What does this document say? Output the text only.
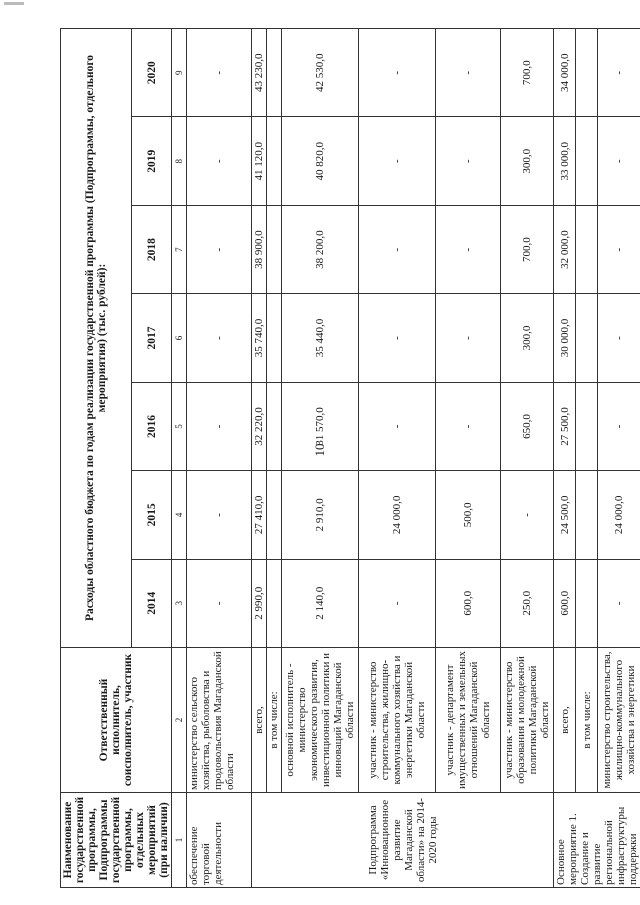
10
Наименование государственной программы, Подпрограммы государственной программы, отдельных мероприятий (при наличии)	Ответственный исполнитель, соисполнитель, участник	Расходы областного бюджета по годам реализации государственной программы (Подпрограммы, отдельного мероприятия) (тыс. рублей):						
		2014	2015	2016	2017	2018	2019	2020
1	2	3	4	5	6	7	8	9
обеспечение торговой деятельности	министерство сельского хозяйства, рыболовства и продовольствия Магаданской области	-	-	-	-	-	-	-
Подпрограмма «Инновационное развитие Магаданской области» на 2014-2020 годы	всего,	2 990,0	27 410,0	32 220,0	35 740,0	38 900,0	41 120,0	43 230,0
	в том числе:							
	основной исполнитель - министерство экономического развития, инвестиционной политики и инноваций Магаданской области	2 140,0	2 910,0	31 570,0	35 440,0	38 200,0	40 820,0	42 530,0
	участник - министерство строительства, жилищно-коммунального хозяйства и энергетики Магаданской области	-	24 000,0	-	-	-	-	-
	участник - департамент имущественных и земельных отношений Магаданской области	600,0	500,0	-	-	-	-	-
	участник - министерство образования и молодежной политики Магаданской области	250,0	-	650,0	300,0	700,0	300,0	700,0
Основное мероприятие 1. Создание и развитие региональной инфраструктуры поддержки	всего,	600,0	24 500,0	27 500,0	30 000,0	32 000,0	33 000,0	34 000,0
	в том числе:							
	министерство строительства, жилищно-коммунального хозяйства и энергетики	-	24 000,0	-	-	-	-	-
